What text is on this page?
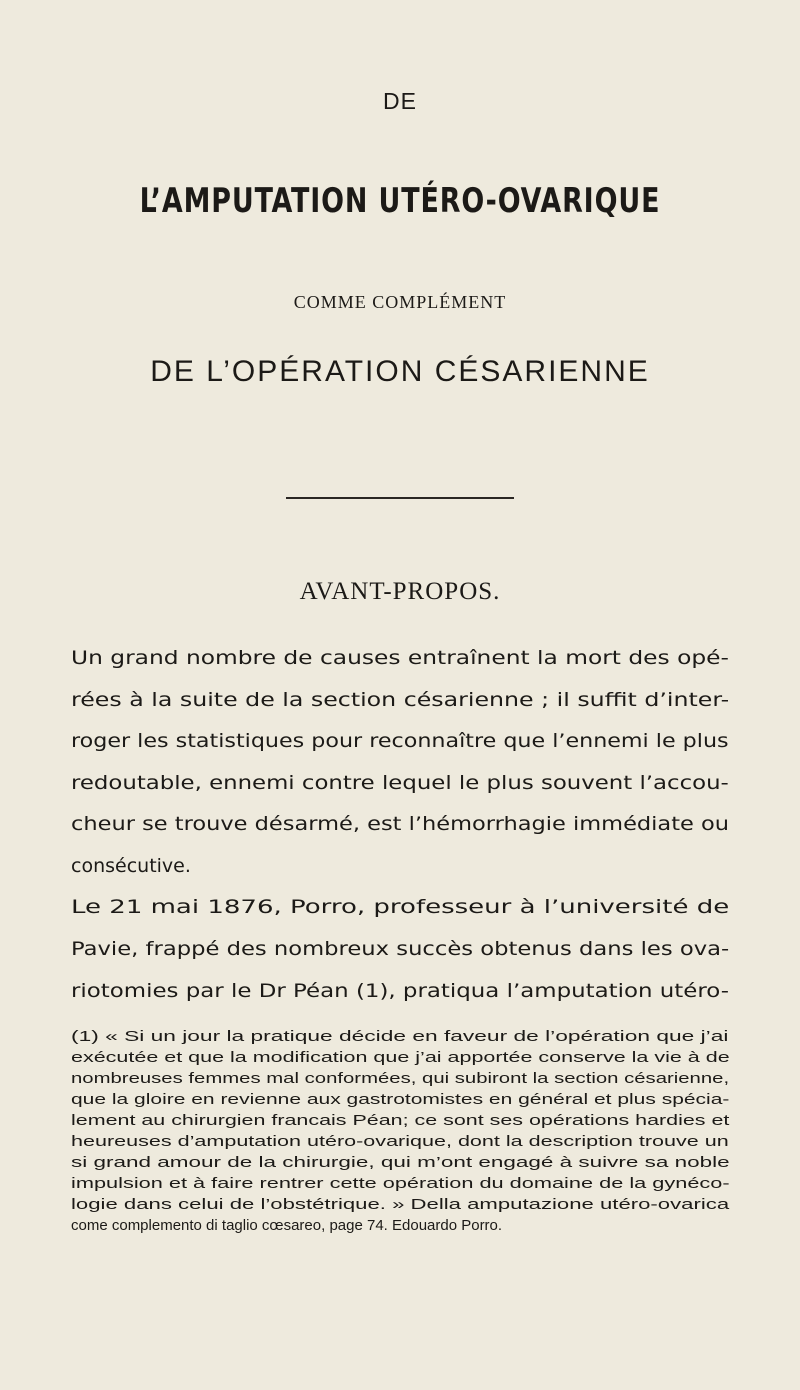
DE
L’AMPUTATION UTÉRO-OVARIQUE
COMME COMPLÉMENT
DE L’OPÉRATION CÉSARIENNE
AVANT-PROPOS.
Un grand nombre de causes entraînent la mort des opé-
rées à la suite de la section césarienne ; il suffit d’inter-
roger les statistiques pour reconnaître que l’ennemi le plus
redoutable, ennemi contre lequel le plus souvent l’accou-
cheur se trouve désarmé, est l’hémorrhagie immédiate ou
consécutive.
Le 21 mai 1876, Porro, professeur à l’université de
Pavie, frappé des nombreux succès obtenus dans les ova-
riotomies par le Dr Péan (1), pratiqua l’amputation utéro-
(1) « Si un jour la pratique décide en faveur de l’opération que j’ai
exécutée et que la modification que j’ai apportée conserve la vie à de
nombreuses femmes mal conformées, qui subiront la section césarienne,
que la gloire en revienne aux gastrotomistes en général et plus spécia-
lement au chirurgien francais Péan; ce sont ses opérations hardies et
heureuses d’amputation utéro-ovarique, dont la description trouve un
si grand amour de la chirurgie, qui m’ont engagé à suivre sa noble
impulsion et à faire rentrer cette opération du domaine de la gynéco-
logie dans celui de l’obstétrique. » Della amputazione utéro-ovarica
come complemento di taglio cœsareo, page 74. Edouardo Porro.
